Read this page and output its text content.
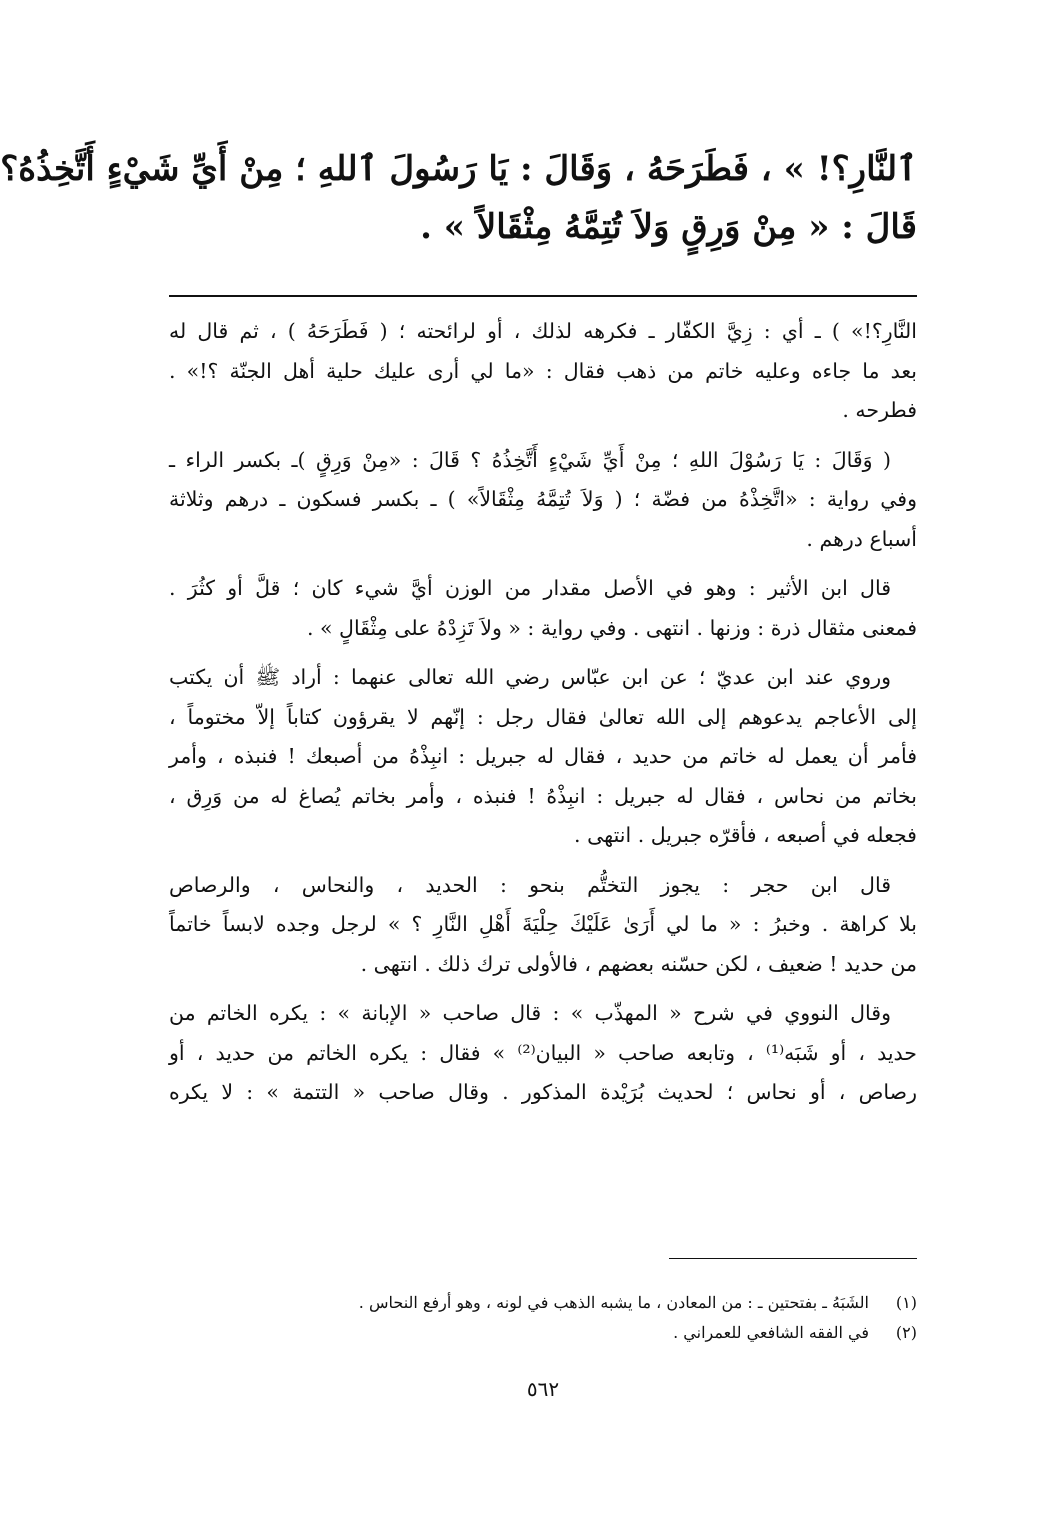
ٱلنَّارِ؟! » ، فَطَرَحَهُ ، وَقَالَ : يَا رَسُولَ ٱللهِ ؛ مِنْ أَيِّ شَيْءٍ أَتَّخِذُهُ؟
قَالَ : « مِنْ وَرِقٍ وَلاَ تُتِمَّهُ مِثْقَالاً » .
النَّارِ؟!» ) ـ أي : زِيَّ الكفّار ـ فكرهه لذلك ، أو لرائحته ؛ ( فَطَرَحَهُ ) ، ثم قال له
بعد ما جاءه وعليه خاتم من ذهب فقال : «ما لي أرى عليك حلية أهل الجنّة ؟!» .
فطرحه .
( وَقَالَ : يَا رَسُوْلَ اللهِ ؛ مِنْ أَيِّ شَيْءٍ أَتَّخِذُهُ ؟ قَالَ : «مِنْ وَرِقٍ )ـ بكسر الراء ـ
وفي رواية : «اتَّخِذْهُ من فضّة ؛ ( وَلاَ تُتِمَّهُ مِثْقَالاً» ) ـ بكسر فسكون ـ درهم وثلاثة
أسباع درهم .
قال ابن الأثير : وهو في الأصل مقدار من الوزن أيَّ شيء كان ؛ قلَّ أو كثُرَ .
فمعنى مثقال ذرة : وزنها . انتهى . وفي رواية : « ولاَ تَزِدْهُ على مِثْقَالٍ » .
وروي عند ابن عديّ ؛ عن ابن عبّاس رضي الله تعالى عنهما : أراد ﷺ أن يكتب
إلى الأعاجم يدعوهم إلى الله تعالىٰ فقال رجل : إنّهم لا يقرؤون كتاباً إلاّ مختوماً ،
فأمر أن يعمل له خاتم من حديد ، فقال له جبريل : انبِذْهُ من أصبعك ! فنبذه ، وأمر
بخاتم من نحاس ، فقال له جبريل : انبِذْهُ ! فنبذه ، وأمر بخاتم يُصاغ له من وَرِق ،
فجعله في أصبعه ، فأقرّه جبريل . انتهى .
قال ابن حجر : يجوز التختُّم بنحو : الحديد ، والنحاس ، والرصاص
بلا كراهة . وخبرُ : « ما لي أَرَىٰ عَلَيْكَ حِلْيَةَ أَهْلِ النَّارِ ؟ » لرجل وجده لابساً خاتماً
من حديد ! ضعيف ، لكن حسّنه بعضهم ، فالأولى ترك ذلك . انتهى .
وقال النووي في شرح « المهذّب » : قال صاحب « الإبانة » : يكره الخاتم من
حديد ، أو شَبَه⁽¹⁾ ، وتابعه صاحب « البيان⁽²⁾ » فقال : يكره الخاتم من حديد ، أو
رصاص ، أو نحاس ؛ لحديث بُرَيْدة المذكور . وقال صاحب « التتمة » : لا يكره
(١)الشَبَهُ ـ بفتحتين ـ : من المعادن ، ما يشبه الذهب في لونه ، وهو أرفع النحاس .
(٢)في الفقه الشافعي للعمراني .
٥٦٢
